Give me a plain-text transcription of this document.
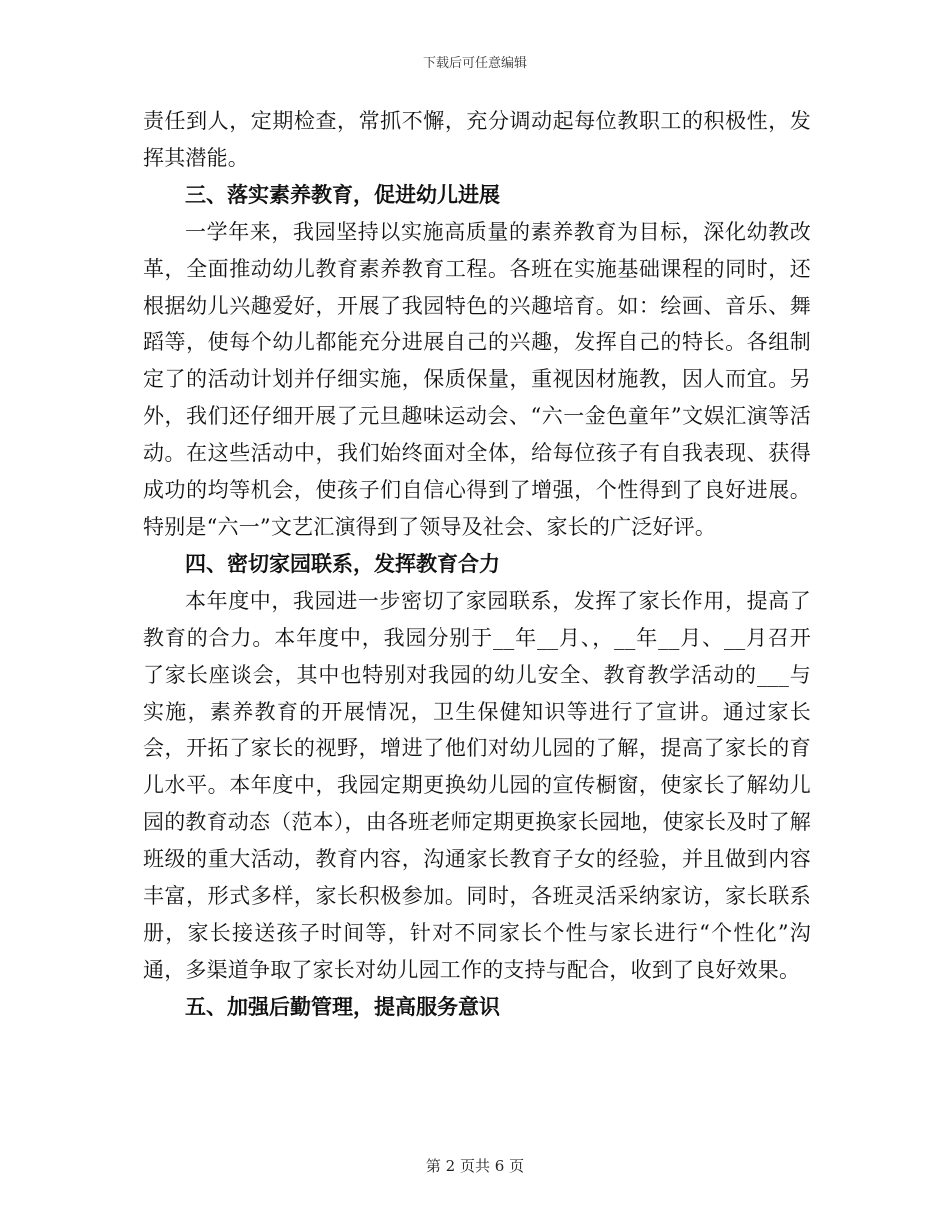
下载后可任意编辑

责任到人，定期检查，常抓不懈，充分调动起每位教职工的积极性，发挥其潜能。

三、落实素养教育，促进幼儿进展

一学年来，我园坚持以实施高质量的素养教育为目标，深化幼教改革，全面推动幼儿教育素养教育工程。各班在实施基础课程的同时，还根据幼儿兴趣爱好，开展了我园特色的兴趣培育。如：绘画、音乐、舞蹈等，使每个幼儿都能充分进展自己的兴趣，发挥自己的特长。各组制定了的活动计划并仔细实施，保质保量，重视因材施教，因人而宜。另外，我们还仔细开展了元旦趣味运动会、“六一金色童年”文娱汇演等活动。在这些活动中，我们始终面对全体，给每位孩子有自我表现、获得成功的均等机会，使孩子们自信心得到了增强，个性得到了良好进展。特别是“六一”文艺汇演得到了领导及社会、家长的广泛好评。

四、密切家园联系，发挥教育合力

本年度中，我园进一步密切了家园联系，发挥了家长作用，提高了教育的合力。本年度中，我园分别于__年__月、，__年__月、__月召开了家长座谈会，其中也特别对我园的幼儿安全、教育教学活动的___与实施，素养教育的开展情况，卫生保健知识等进行了宣讲。通过家长会，开拓了家长的视野，增进了他们对幼儿园的了解，提高了家长的育儿水平。本年度中，我园定期更换幼儿园的宣传橱窗，使家长了解幼儿园的教育动态（范本），由各班老师定期更换家长园地，使家长及时了解班级的重大活动，教育内容，沟通家长教育子女的经验，并且做到内容丰富，形式多样，家长积极参加。同时，各班灵活采纳家访，家长联系册，家长接送孩子时间等，针对不同家长个性与家长进行“个性化”沟通，多渠道争取了家长对幼儿园工作的支持与配合，收到了良好效果。

五、加强后勤管理，提高服务意识
第 2 页共 6 页
